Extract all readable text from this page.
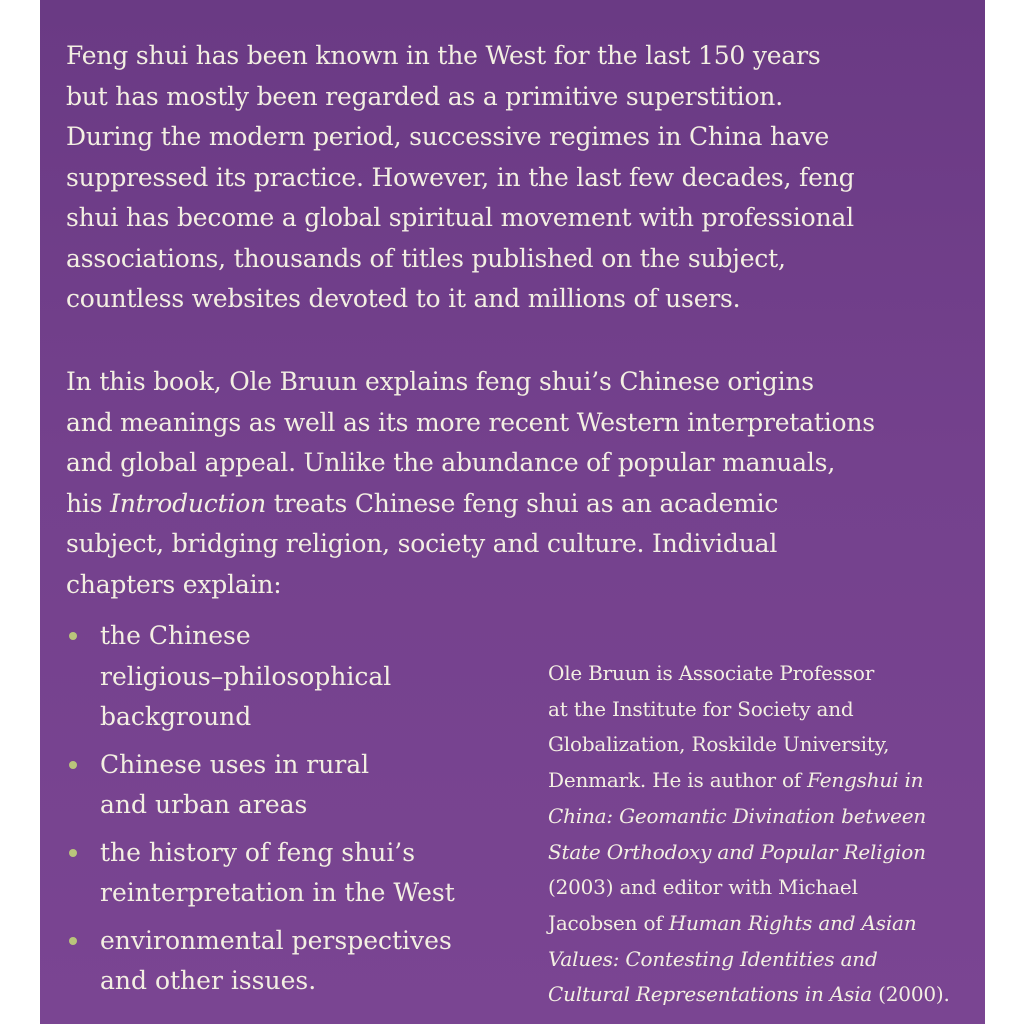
Feng shui has been known in the West for the last 150 years
but has mostly been regarded as a primitive superstition.
During the modern period, successive regimes in China have
suppressed its practice. However, in the last few decades, feng
shui has become a global spiritual movement with professional
associations, thousands of titles published on the subject,
countless websites devoted to it and millions of users.

In this book, Ole Bruun explains feng shui’s Chinese origins
and meanings as well as its more recent Western interpretations
and global appeal. Unlike the abundance of popular manuals,
his Introduction treats Chinese feng shui as an academic
subject, bridging religion, society and culture. Individual
chapters explain:

the Chinese
religious–philosophical
background
Chinese uses in rural
and urban areas
the history of feng shui’s
reinterpretation in the West
environmental perspectives
and other issues.

Ole Bruun is Associate Professor
at the Institute for Society and
Globalization, Roskilde University,
Denmark. He is author of Fengshui in
China: Geomantic Divination between
State Orthodoxy and Popular Religion
(2003) and editor with Michael
Jacobsen of Human Rights and Asian
Values: Contesting Identities and
Cultural Representations in Asia (2000).
